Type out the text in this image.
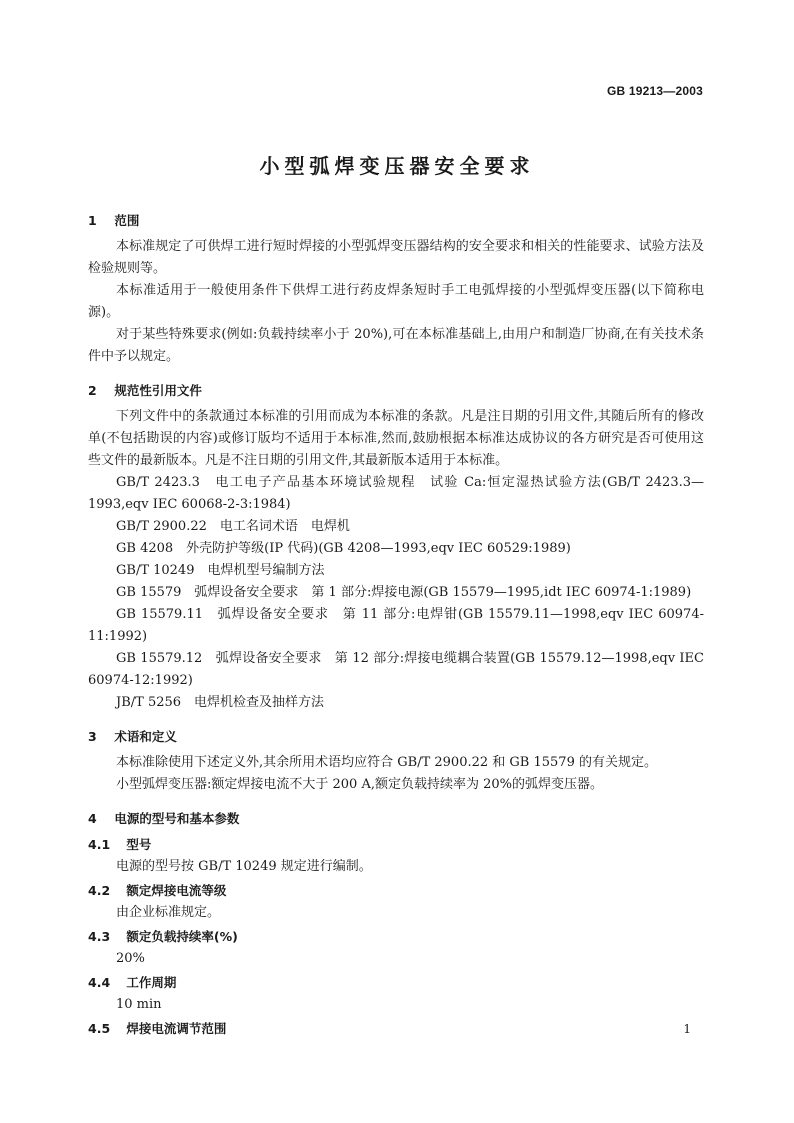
GB 19213—2003
小型弧焊变压器安全要求
1 范围

本标准规定了可供焊工进行短时焊接的小型弧焊变压器结构的安全要求和相关的性能要求、试验方法及检验规则等。

本标准适用于一般使用条件下供焊工进行药皮焊条短时手工电弧焊接的小型弧焊变压器(以下简称电源)。

对于某些特殊要求(例如:负载持续率小于 20%),可在本标准基础上,由用户和制造厂协商,在有关技术条件中予以规定。

2 规范性引用文件

下列文件中的条款通过本标准的引用而成为本标准的条款。凡是注日期的引用文件,其随后所有的修改单(不包括勘误的内容)或修订版均不适用于本标准,然而,鼓励根据本标准达成协议的各方研究是否可使用这些文件的最新版本。凡是不注日期的引用文件,其最新版本适用于本标准。

GB/T 2423.3　电工电子产品基本环境试验规程　试验 Ca:恒定湿热试验方法(GB/T 2423.3—1993,eqv IEC 60068-2-3:1984)

GB/T 2900.22　电工名词术语　电焊机

GB 4208　外壳防护等级(IP 代码)(GB 4208—1993,eqv IEC 60529:1989)

GB/T 10249　电焊机型号编制方法

GB 15579　弧焊设备安全要求　第 1 部分:焊接电源(GB 15579—1995,idt IEC 60974-1:1989)

GB 15579.11　弧焊设备安全要求　第 11 部分:电焊钳(GB 15579.11—1998,eqv IEC 60974-11:1992)

GB 15579.12　弧焊设备安全要求　第 12 部分:焊接电缆耦合装置(GB 15579.12—1998,eqv IEC 60974-12:1992)

JB/T 5256　电焊机检查及抽样方法

3 术语和定义

本标准除使用下述定义外,其余所用术语均应符合 GB/T 2900.22 和 GB 15579 的有关规定。

小型弧焊变压器:额定焊接电流不大于 200 A,额定负载持续率为 20%的弧焊变压器。

4 电源的型号和基本参数
4.1 型号

电源的型号按 GB/T 10249 规定进行编制。

4.2 额定焊接电流等级

由企业标准规定。

4.3 额定负载持续率(%)

20%

4.4 工作周期

10 min

4.5 焊接电流调节范围	1
